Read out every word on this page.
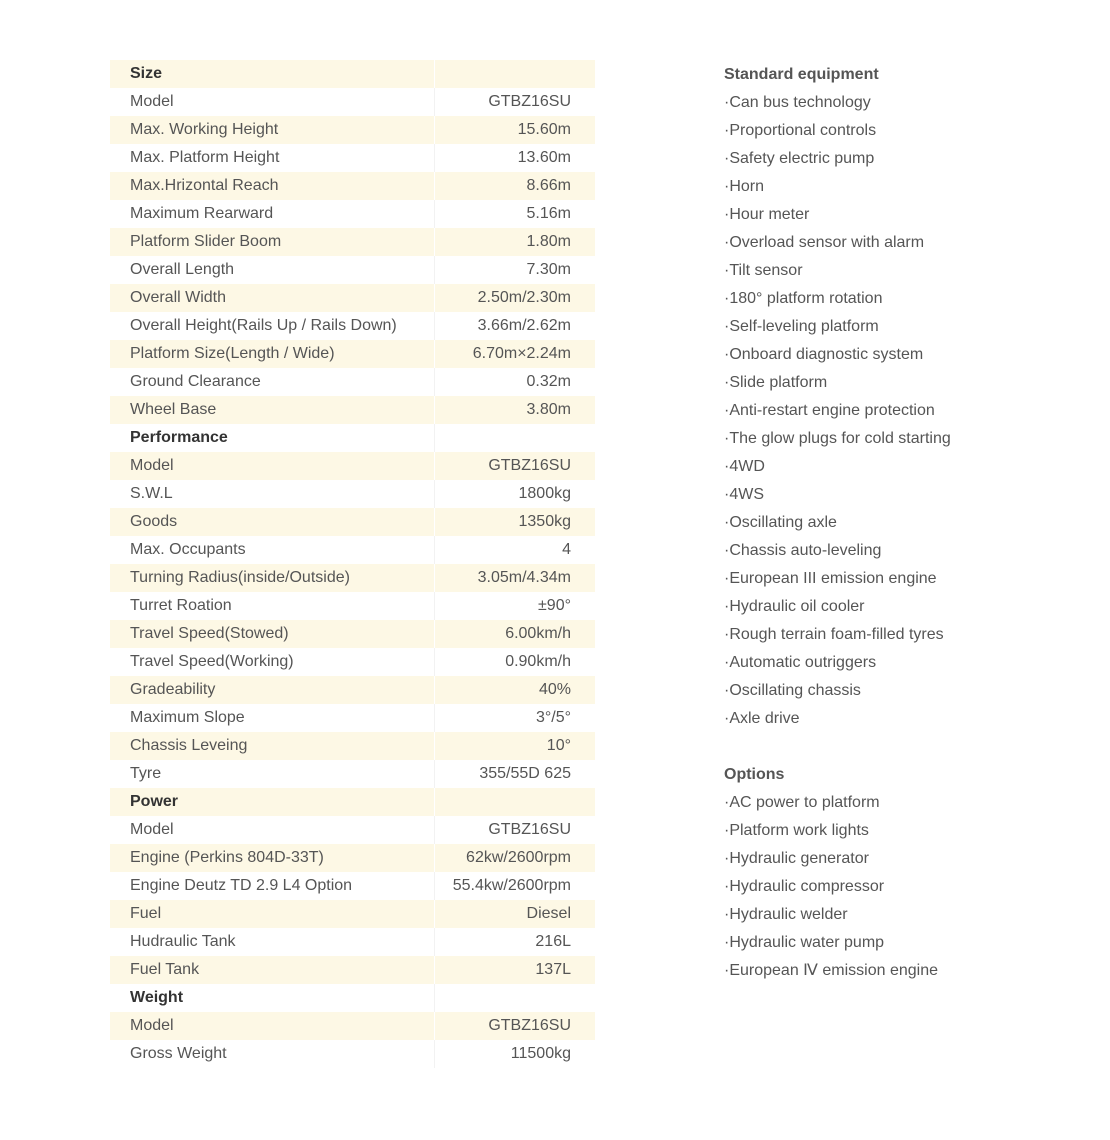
Size	
Model	GTBZ16SU
Max. Working Height	15.60m
Max. Platform Height	13.60m
Max.Hrizontal Reach	8.66m
Maximum Rearward	5.16m
Platform Slider Boom	1.80m
Overall Length	7.30m
Overall Width	2.50m/2.30m
Overall Height(Rails Up / Rails Down)	3.66m/2.62m
Platform Size(Length / Wide)	6.70m×2.24m
Ground Clearance	0.32m
Wheel Base	3.80m
Performance	
Model	GTBZ16SU
S.W.L	1800kg
Goods	1350kg
Max. Occupants	4
Turning Radius(inside/Outside)	3.05m/4.34m
Turret Roation	±90°
Travel Speed(Stowed)	6.00km/h
Travel Speed(Working)	0.90km/h
Gradeability	40%
Maximum Slope	3°/5°
Chassis Leveing	10°
Tyre	355/55D 625
Power	
Model	GTBZ16SU
Engine (Perkins 804D-33T)	62kw/2600rpm
Engine Deutz TD 2.9 L4 Option	55.4kw/2600rpm
Fuel	Diesel
Hudraulic Tank	216L
Fuel Tank	137L
Weight	
Model	GTBZ16SU
Gross Weight	11500kg
Standard equipment
·Can bus technology
·Proportional controls
·Safety electric pump
·Horn
·Hour meter
·Overload sensor with alarm
·Tilt sensor
·180° platform rotation
·Self-leveling platform
·Onboard diagnostic system
·Slide platform
·Anti-restart engine protection
·The glow plugs for cold starting
·4WD
·4WS
·Oscillating axle
·Chassis auto-leveling
·European III emission engine
·Hydraulic oil cooler
·Rough terrain foam-filled tyres
·Automatic outriggers
·Oscillating chassis
·Axle drive
Options
·AC power to platform
·Platform work lights
·Hydraulic generator
·Hydraulic compressor
·Hydraulic welder
·Hydraulic water pump
·European Ⅳ emission engine
